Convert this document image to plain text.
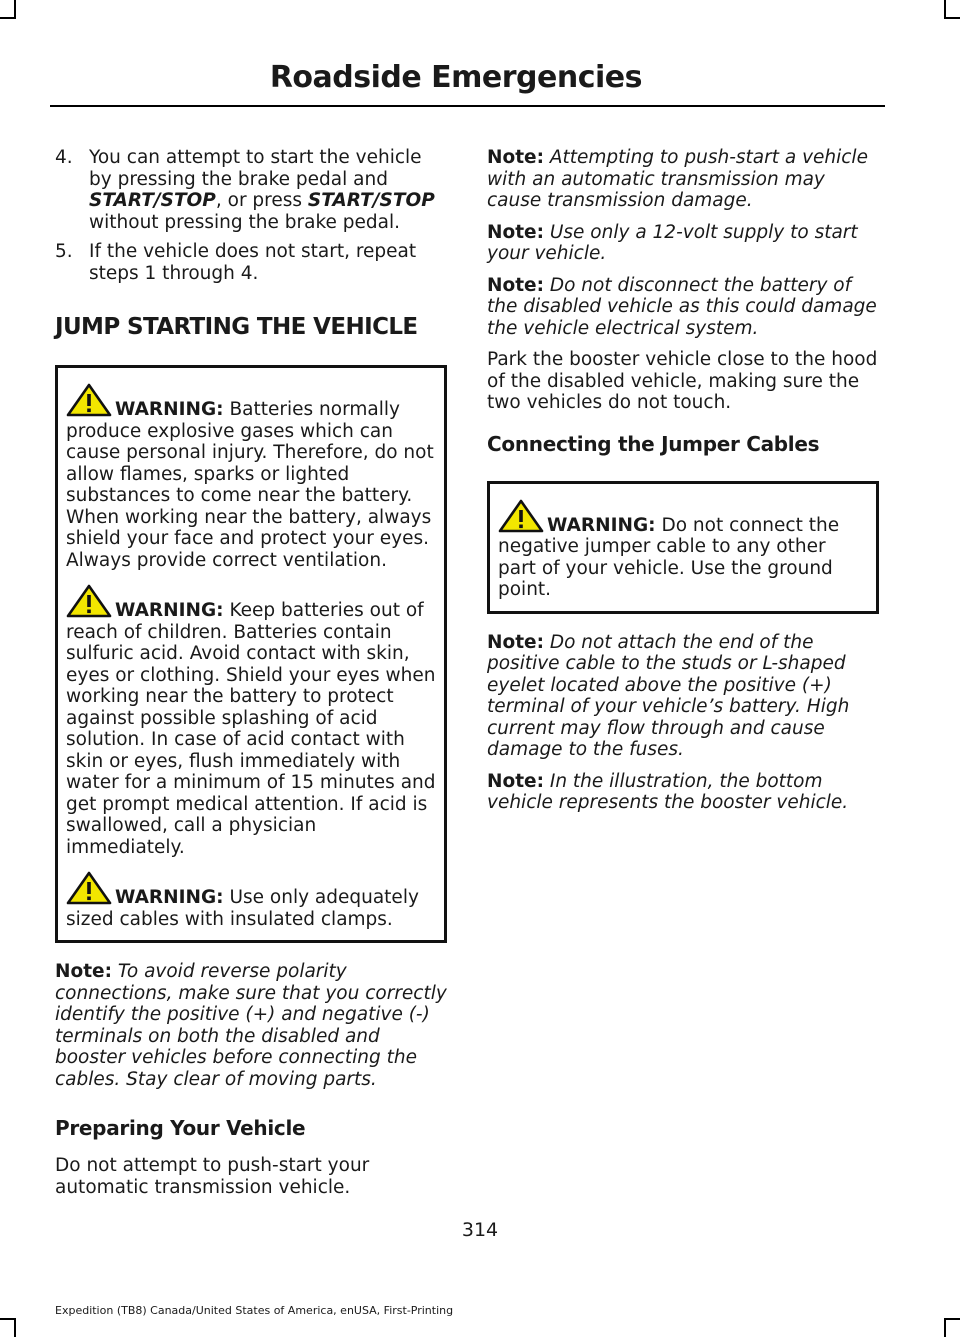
Roadside Emergencies
4. You can attempt to start the vehicle by pressing the brake pedal and START/STOP, or press START/STOP without pressing the brake pedal.
5. If the vehicle does not start, repeat steps 1 through 4.
JUMP STARTING THE VEHICLE

WARNING: Batteries normally produce explosive gases which can cause personal injury. Therefore, do not allow flames, sparks or lighted substances to come near the battery. When working near the battery, always shield your face and protect your eyes. Always provide correct ventilation.

WARNING: Keep batteries out of reach of children. Batteries contain sulfuric acid. Avoid contact with skin, eyes or clothing. Shield your eyes when working near the battery to protect against possible splashing of acid solution. In case of acid contact with skin or eyes, flush immediately with water for a minimum of 15 minutes and get prompt medical attention. If acid is swallowed, call a physician immediately.

WARNING: Use only adequately sized cables with insulated clamps.

Note: To avoid reverse polarity connections, make sure that you correctly identify the positive (+) and negative (-) terminals on both the disabled and booster vehicles before connecting the cables. Stay clear of moving parts.

Preparing Your Vehicle

Do not attempt to push-start your automatic transmission vehicle.

Note: Attempting to push-start a vehicle with an automatic transmission may cause transmission damage.

Note: Use only a 12-volt supply to start your vehicle.

Note: Do not disconnect the battery of the disabled vehicle as this could damage the vehicle electrical system.

Park the booster vehicle close to the hood of the disabled vehicle, making sure the two vehicles do not touch.

Connecting the Jumper Cables

WARNING: Do not connect the negative jumper cable to any other part of your vehicle. Use the ground point.

Note: Do not attach the end of the positive cable to the studs or L-shaped eyelet located above the positive (+) terminal of your vehicle’s battery. High current may flow through and cause damage to the fuses.

Note: In the illustration, the bottom vehicle represents the booster vehicle.

314
Expedition (TB8) Canada/United States of America, enUSA, First-Printing
